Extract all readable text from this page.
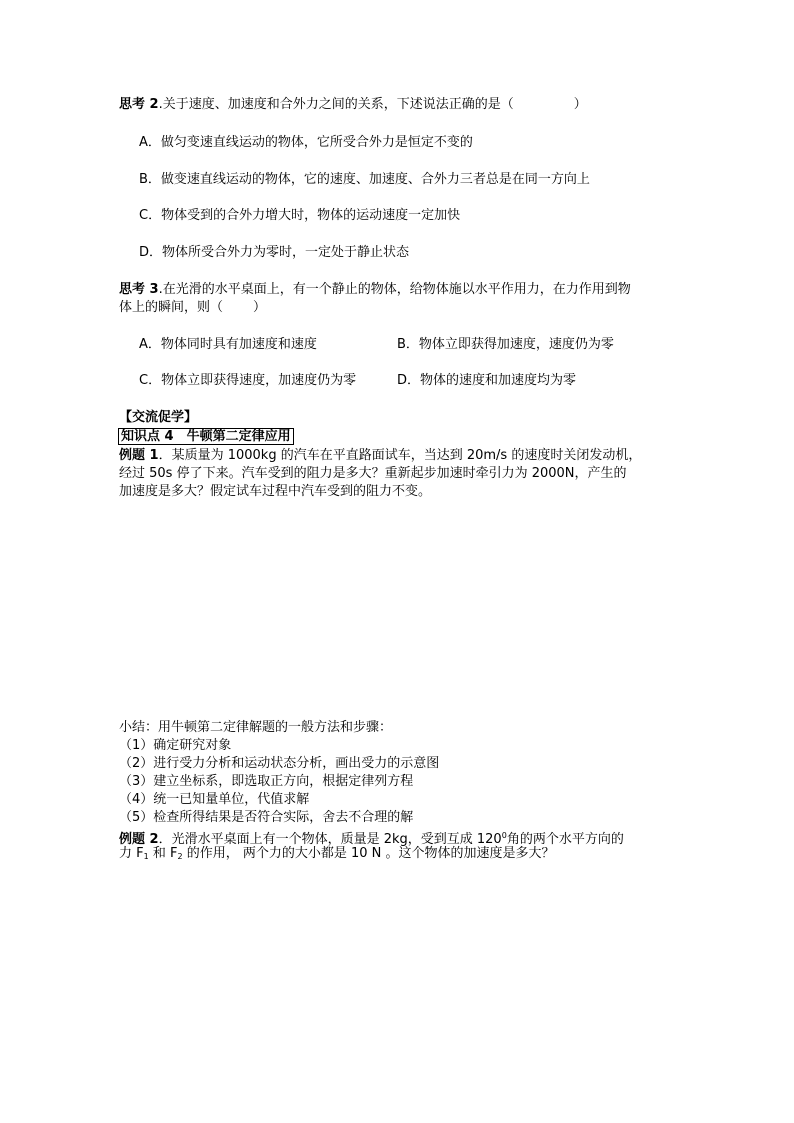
思考 2.关于速度、加速度和合外力之间的关系，下述说法正确的是（	）
A．做匀变速直线运动的物体，它所受合外力是恒定不变的
B．做变速直线运动的物体，它的速度、加速度、合外力三者总是在同一方向上
C．物体受到的合外力增大时，物体的运动速度一定加快
D．物体所受合外力为零时，一定处于静止状态
思考 3.在光滑的水平桌面上，有一个静止的物体，给物体施以水平作用力，在力作用到物
体上的瞬间，则（ ）
A．物体同时具有加速度和速度	B．物体立即获得加速度，速度仍为零
C．物体立即获得速度，加速度仍为零	D．物体的速度和加速度均为零
【交流促学】
知识点 4　牛顿第二定律应用
例题 1．某质量为 1000kg 的汽车在平直路面试车，当达到 20m/s 的速度时关闭发动机，
经过 50s 停了下来。汽车受到的阻力是多大？重新起步加速时牵引力为 2000N，产生的
加速度是多大？假定试车过程中汽车受到的阻力不变。
小结：用牛顿第二定律解题的一般方法和步骤：
（1）确定研究对象
（2）进行受力分析和运动状态分析，画出受力的示意图
（3）建立坐标系，即选取正方向，根据定律列方程
（4）统一已知量单位，代值求解
（5）检查所得结果是否符合实际，舍去不合理的解
例题 2．光滑水平桌面上有一个物体，质量是 2kg，受到互成 $120^0$角的两个水平方向的
力 $F_1$ 和 $F_2$ 的作用， 两个力的大小都是 10 N 。这个物体的加速度是多大？
